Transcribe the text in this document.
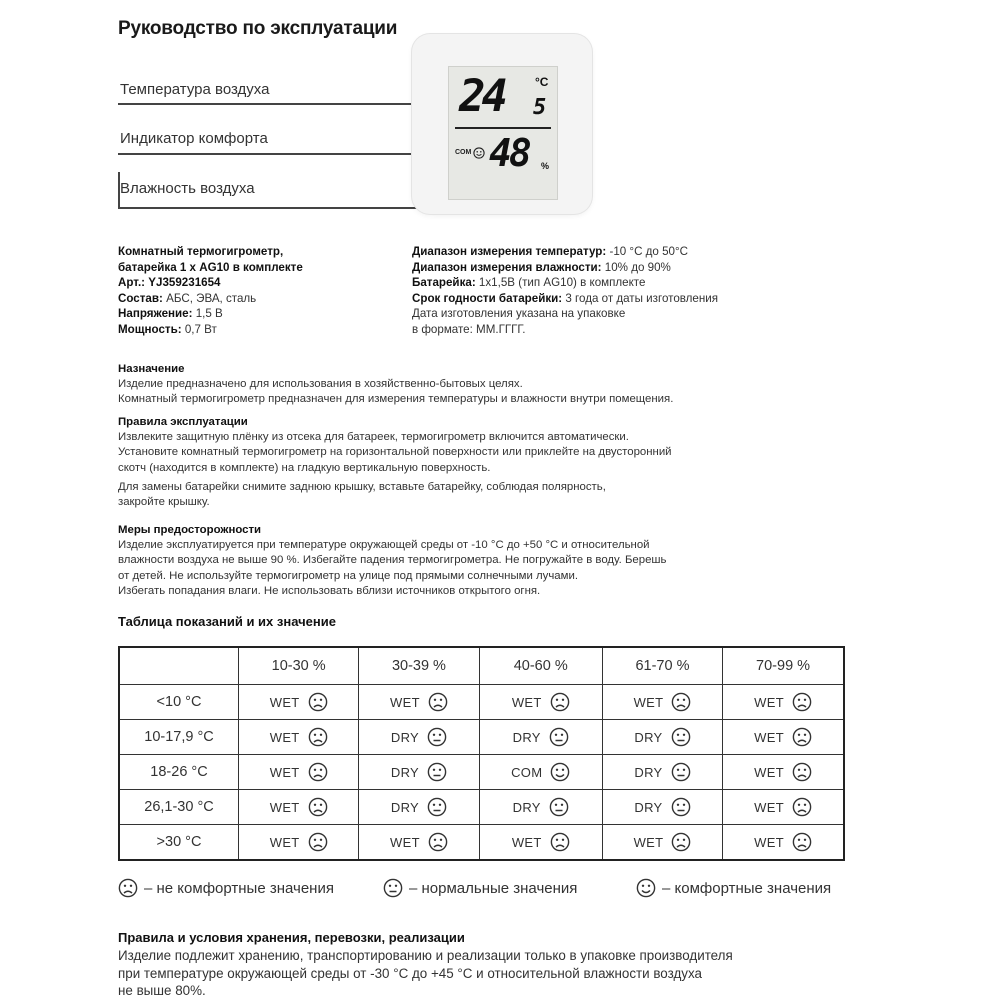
Руководство по эксплуатации
Температура воздуха
Индикатор комфорта
Влажность воздуха
24	°C
5
COM 48 %
Комнатный термогигрометр,
батарейка 1 х AG10 в комплекте
Арт.: YJ359231654
Состав: АБС, ЭВА, сталь
Напряжение: 1,5 В
Мощность: 0,7 Вт
Диапазон измерения температур: -10 °C до 50°C
Диапазон измерения влажности: 10% до 90%
Батарейка: 1х1,5В (тип AG10) в комплекте
Срок годности батарейки: 3 года от даты изготовления
Дата изготовления указана на упаковке
в формате: ММ.ГГГГ.

Назначение

Изделие предназначено для использования в хозяйственно-бытовых целях.

Комнатный термогигрометр предназначен для измерения температуры и влажности внутри помещения.

Правила эксплуатации

Извлеките защитную плёнку из отсека для батареек, термогигрометр включится автоматически.

Установите комнатный термогигрометр на горизонтальной поверхности или приклейте на двусторонний

скотч (находится в комплекте) на гладкую вертикальную поверхность.

Для замены батарейки снимите заднюю крышку, вставьте батарейку, соблюдая полярность,

закройте крышку.

Меры предосторожности

Изделие эксплуатируется при температуре окружающей среды от -10 °C до +50 °C и относительной

влажности воздуха не выше 90 %. Избегайте падения термогигрометра. Не погружайте в воду. Берешь

от детей. Не используйте термогигрометр на улице под прямыми солнечными лучами.

Избегать попадания влаги. Не использовать вблизи источников открытого огня.

Таблица показаний и их значение
	10-30 %	30-39 %	40-60 %	61-70 %	70-99 %
<10 °C	WET	WET	WET	WET	WET

10-17,9 °C	WET	DRY	DRY	DRY	WET

18-26 °C	WET	DRY	COM	DRY	WET

26,1-30 °C	WET	DRY	DRY	DRY	WET

>30 °C	WET	WET	WET	WET	WET
– не комфортные значения	– нормальные значения	– комфортные значения
Правила и условия хранения, перевозки, реализации
Изделие подлежит хранению, транспортированию и реализации только в упаковке производителя
при температуре окружающей среды от -30 °C до +45 °C и относительной влажности воздуха
не выше 80%.
